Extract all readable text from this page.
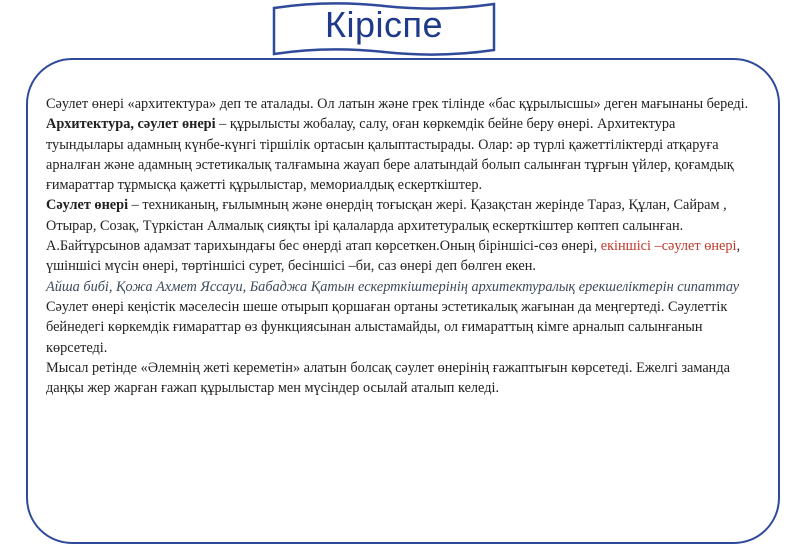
Кіріспе

Сәулет өнері «архитектура» деп те аталады. Ол латын және грек тілінде «бас құрылысшы» деген мағынаны береді.

Архитектура, сәулет өнері – құрылысты жобалау, салу, оған көркемдік бейне беру өнері. Архитектура туындылары адамның күнбе-күнгі тіршілік ортасын қалыптастырады. Олар: әр түрлі қажеттіліктерді атқаруға арналған және адамның эстетикалық талғамына жауап бере алатындай болып салынған тұрғын үйлер, қоғамдық ғимараттар тұрмысқа қажетті құрылыстар, мемориалдық ескерткіштер.

Сәулет өнері – техниканың, ғылымның және өнердің тоғысқан жері. Қазақстан жерінде Тараз, Құлан, Сайрам , Отырар, Созақ, Түркістан Алмалық сияқты ірі қалаларда архитетуралық ескерткіштер көптеп салынған.

А.Байтұрсынов адамзат тарихындағы бес өнерді атап көрсеткен.Оның біріншісі-сөз өнері, екіншісі –сәулет өнері, үшіншісі мүсін өнері, төртіншісі сурет, бесіншісі –би, саз өнері деп бөлген екен.

Айша бибі, Қожа Ахмет Яссауи, Бабаджа Қатын ескерткіштерінің архитектуралық ерекшеліктерін сипаттау

Сәулет өнері кеңістік мәселесін шеше отырып қоршаған ортаны эстетикалық жағынан да меңгертеді. Сәулеттік бейнедегі көркемдік ғимараттар өз функциясынан алыстамайды, ол ғимараттың кімге арналып салынғанын көрсетеді.

Мысал ретінде «Әлемнің жеті кереметін» алатын болсақ сәулет өнерінің ғажаптығын көрсетеді. Ежелгі заманда даңқы жер жарған ғажап құрылыстар мен мүсіндер осылай аталып келеді.
